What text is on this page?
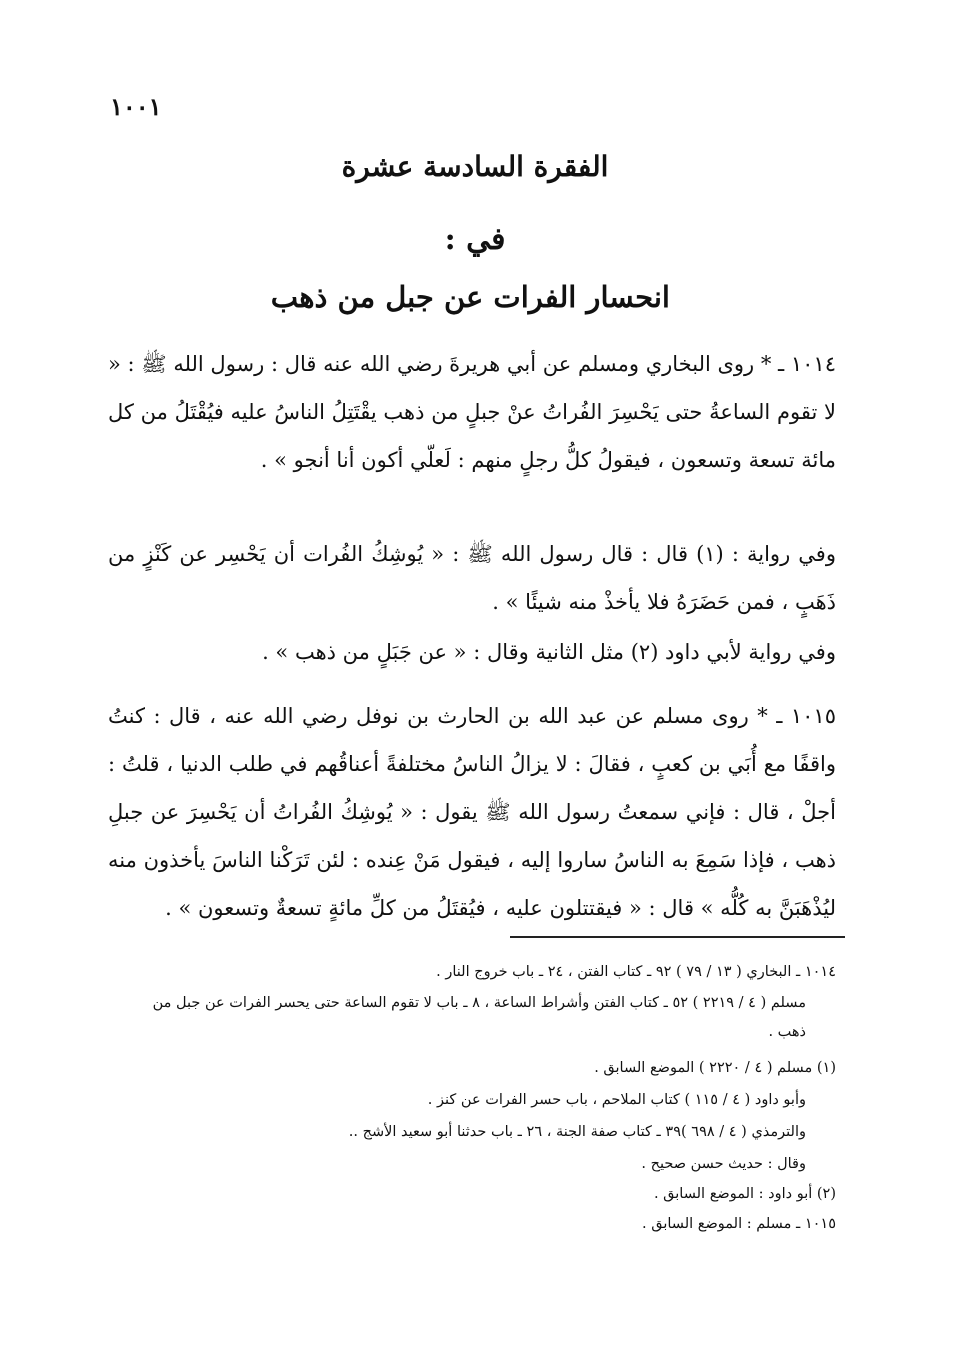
١٠٠١
الفقرة السادسة عشرة
في :
انحسار الفرات عن جبل من ذهب
١٠١٤ ـ * روى البخاري ومسلم عن أبي هريرةَ رضي الله عنه قال : رسول الله ﷺ : « لا تقوم الساعةُ حتى يَحْسِرَ الفُراتُ عنْ جبلٍ من ذهب يقْتَتِلُ الناسُ عليه فيُقْتَلُ من كل مائة تسعة وتسعون ، فيقولُ كلُّ رجلٍ منهم : لَعلّي أكون أنا أنجو » .
وفي رواية : (١) قال : قال رسول الله ﷺ : « يُوشِكُ الفُرات أن يَحْسِر عن كَنْزٍ من ذَهَبٍ ، فمن حَضَرَهُ فلا يأخذْ منه شيئًا » .
وفي رواية لأبي داود (٢) مثل الثانية وقال : « عن جَبَلٍ من ذهب » .
١٠١٥ ـ * روى مسلم عن عبد الله بن الحارث بن نوفل رضي الله عنه ، قال : كنتُ واقفًا مع أُبَي بن كعبٍ ، فقالَ : لا يزالُ الناسُ مختلفةً أعناقُهم في طلب الدنيا ، قلتُ : أجلْ ، قال : فإني سمعتُ رسول الله ﷺ يقول : « يُوشِكُ الفُراتُ أن يَحْسِرَ عن جبلِ ذهب ، فإذا سَمِعَ به الناسُ ساروا إليه ، فيقول مَنْ عِنده : لئن تَرَكْنا الناسَ يأخذون منه ليُذْهَبَنَّ به كُلُّه » قال : « فيقتتلون عليه ، فيُقتَلُ من كلِّ مائةٍ تسعةٌ وتسعون » .
١٠١٤ ـ البخاري ( ١٣ / ٧٩ ) ٩٢ ـ كتاب الفتن ، ٢٤ ـ باب خروج النار .
مسلم ( ٤ / ٢٢١٩ ) ٥٢ ـ كتاب الفتن وأشراط الساعة ، ٨ ـ باب لا تقوم الساعة حتى يحسر الفرات عن جبل من ذهب .
(١) مسلم ( ٤ / ٢٢٢٠ ) الموضع السابق .
وأبو داود ( ٤ / ١١٥ ) كتاب الملاحم ، باب حسر الفرات عن كنز .
والترمذي ( ٤ / ٦٩٨ )٣٩ ـ كتاب صفة الجنة ، ٢٦ ـ باب حدثنا أبو سعيد الأشج ..
وقال : حديث حسن صحيح .
(٢) أبو داود : الموضع السابق .
١٠١٥ ـ مسلم : الموضع السابق .
